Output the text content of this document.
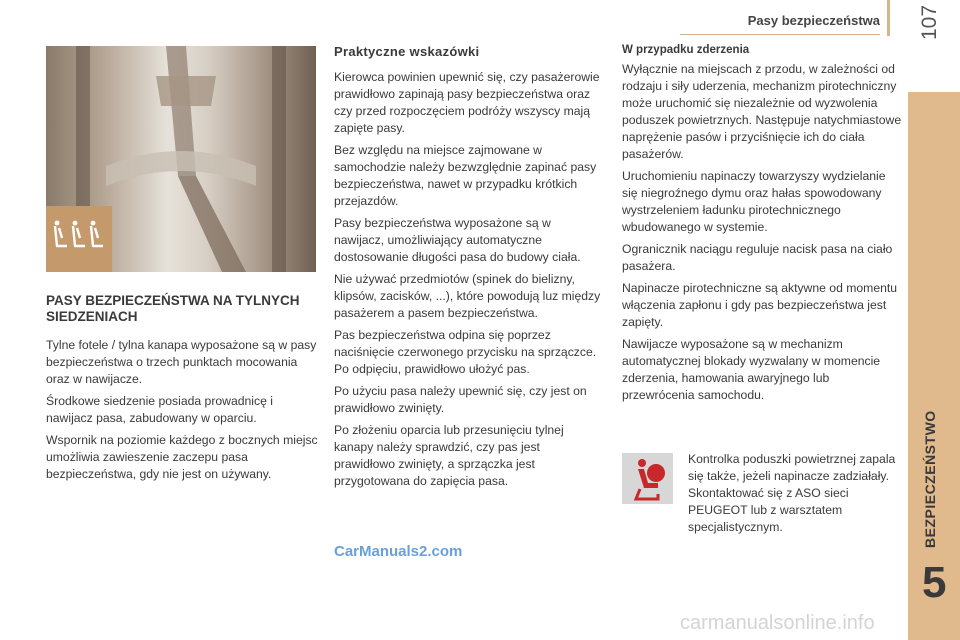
Pasy bezpieczeństwa 107
BEZPIECZEŃSTWO
5
PASY BEZPIECZEŃSTWA NA TYLNYCH SIEDZENIACH

Tylne fotele / tylna kanapa wyposażone są w pasy bezpieczeństwa o trzech punktach mocowania oraz w nawijacze.

Środkowe siedzenie posiada prowadnicę i nawijacz pasa, zabudowany w oparciu.

Wspornik na poziomie każdego z bocznych miejsc umożliwia zawieszenie zaczepu pasa bezpieczeństwa, gdy nie jest on używany.

Praktyczne wskazówki

Kierowca powinien upewnić się, czy pasażerowie prawidłowo zapinają pasy bezpieczeństwa oraz czy przed rozpoczęciem podróży wszyscy mają zapięte pasy.

Bez względu na miejsce zajmowane w samochodzie należy bezwzględnie zapinać pasy bezpieczeństwa, nawet w przypadku krótkich przejazdów.

Pasy bezpieczeństwa wyposażone są w nawijacz, umożliwiający automatyczne dostosowanie długości pasa do budowy ciała.

Nie używać przedmiotów (spinek do bielizny, klipsów, zacisków, ...), które powodują luz między pasażerem a pasem bezpieczeństwa.

Pas bezpieczeństwa odpina się poprzez naciśnięcie czerwonego przycisku na sprzączce. Po odpięciu, prawidłowo ułożyć pas.

Po użyciu pasa należy upewnić się, czy jest on prawidłowo zwinięty.

Po złożeniu oparcia lub przesunięciu tylnej kanapy należy sprawdzić, czy pas jest prawidłowo zwinięty, a sprzączka jest przygotowana do zapięcia pasa.

W przypadku zderzenia

Wyłącznie na miejscach z przodu, w zależności od rodzaju i siły uderzenia, mechanizm pirotechniczny może uruchomić się niezależnie od wyzwolenia poduszek powietrznych. Następuje natychmiastowe naprężenie pasów i przyciśnięcie ich do ciała pasażerów.

Uruchomieniu napinaczy towarzyszy wydzielanie się niegroźnego dymu oraz hałas spowodowany wystrzeleniem ładunku pirotechnicznego wbudowanego w systemie.

Ogranicznik naciągu reguluje nacisk pasa na ciało pasażera.

Napinacze pirotechniczne są aktywne od momentu włączenia zapłonu i gdy pas bezpieczeństwa jest zapięty.

Nawijacze wyposażone są w mechanizm automatycznej blokady wyzwalany w momencie zderzenia, hamowania awaryjnego lub przewrócenia samochodu.

Kontrolka poduszki powietrznej zapala się także, jeżeli napinacze zadziałały. Skontaktować się z ASO sieci PEUGEOT lub z warsztatem specjalistycznym.

CarManuals2.com
carmanualsonline.info
